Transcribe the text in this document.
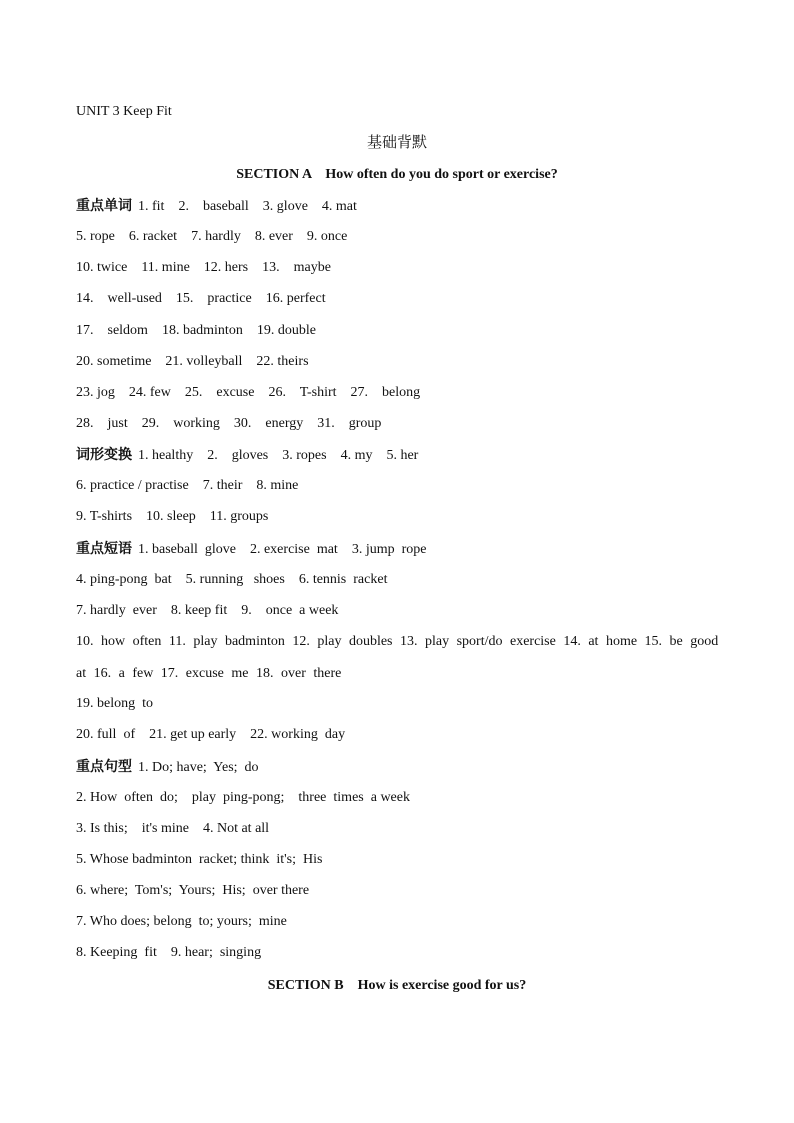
UNIT 3 Keep Fit
基础背默
SECTION A How often do you do sport or exercise?
重点单词 1. fit    2.    baseball    3. glove    4. mat
5. rope    6. racket    7. hardly    8. ever    9. once
10. twice    11. mine    12. hers    13.    maybe
14.    well-used    15.    practice    16. perfect
17.    seldom    18. badminton    19. double
20. sometime    21. volleyball    22. theirs
23. jog    24. few    25.    excuse    26.    T-shirt    27.    belong
28.    just    29.    working    30.    energy    31.    group
词形变换 1. healthy    2.    gloves    3. ropes    4. my    5. her
6. practice / practise    7. their    8. mine
9. T-shirts    10. sleep    11. groups
重点短语 1. baseball  glove    2. exercise  mat    3. jump  rope
4. ping-pong  bat    5. running   shoes    6. tennis  racket
7. hardly  ever    8. keep fit    9.    once  a week
10. how often 11. play badminton 12. play doubles 13. play sport/do exercise 14. at home 15. be good at 16. a few 17. excuse me 18. over there
19. belong  to
20. full  of    21. get up early    22. working  day
重点句型 1. Do; have;  Yes;  do
2. How  often  do;    play  ping-pong;    three  times  a week
3. Is this;    it's mine    4. Not at all
5. Whose badminton  racket; think  it's;  His
6. where;  Tom's;  Yours;  His;  over there
7. Who does; belong  to; yours;  mine
8. Keeping  fit    9. hear;  singing
SECTION B How is exercise good for us?
